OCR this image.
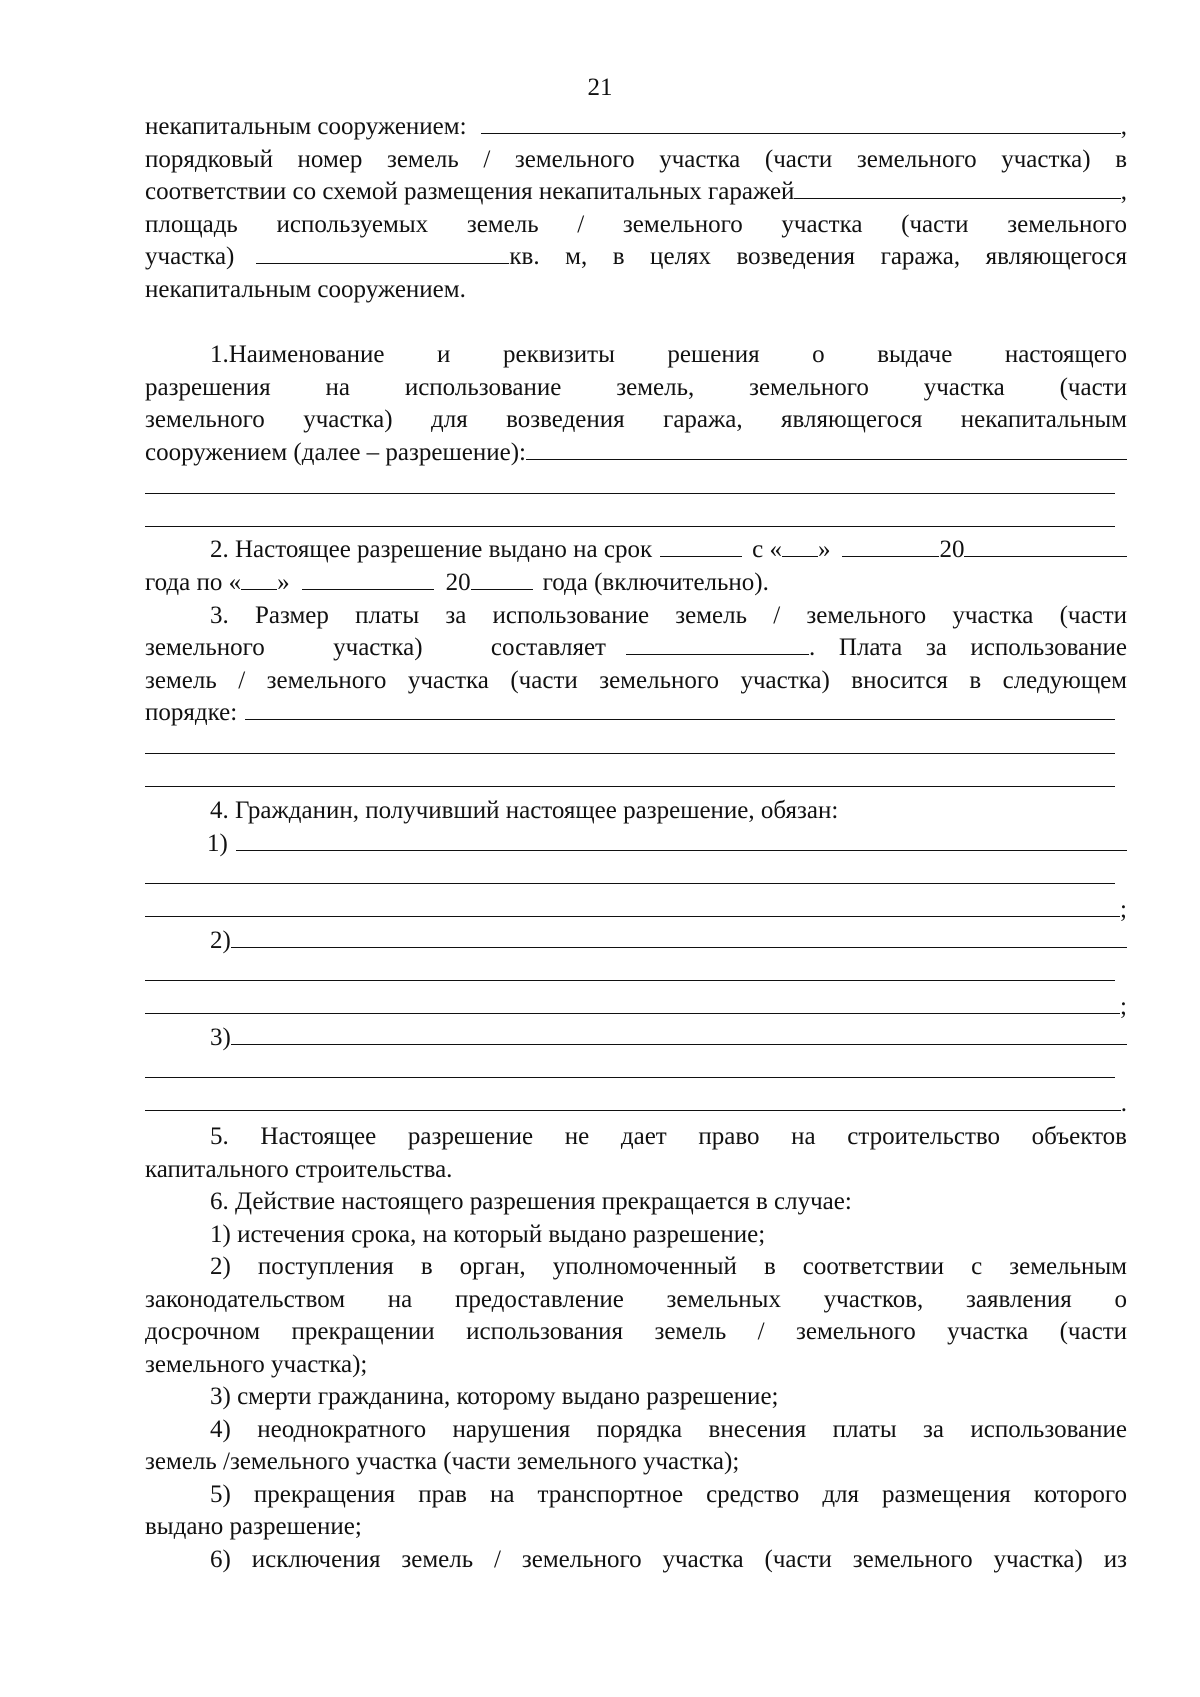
21
некапитальным сооружением:	,
порядковый номер земель / земельного участка (части земельного участка) в
соответствии со схемой размещения некапитальных гаражей	,
площадь используемых земель / земельного участка (части земельного
участка)	кв. м, в целях возведения гаража, являющегося
некапитальным сооружением.
1.Наименование и реквизиты решения о выдаче настоящего
разрешения на использование земель, земельного участка (части
земельного участка) для возведения гаража, являющегося некапитальным
сооружением (далее – разрешение):
2. Настоящее разрешение выдано на срок	с « »	20
года по « »	20	года (включительно).
3. Размер платы за использование земель / земельного участка (части
земельного участка) составляет	. Плата за использование
земель / земельного участка (части земельного участка) вносится в следующем
порядке:
4. Гражданин, получивший настоящее разрешение, обязан:
1)
;
2)
;
3)
.
5. Настоящее разрешение не дает право на строительство объектов
капитального строительства.
6. Действие настоящего разрешения прекращается в случае:
1) истечения срока, на который выдано разрешение;
2) поступления в орган, уполномоченный в соответствии с земельным
законодательством на предоставление земельных участков, заявления о
досрочном прекращении использования земель / земельного участка (части
земельного участка);
3) смерти гражданина, которому выдано разрешение;
4) неоднократного нарушения порядка внесения платы за использование
земель /земельного участка (части земельного участка);
5) прекращения прав на транспортное средство для размещения которого
выдано разрешение;
6) исключения земель / земельного участка (части земельного участка) из
